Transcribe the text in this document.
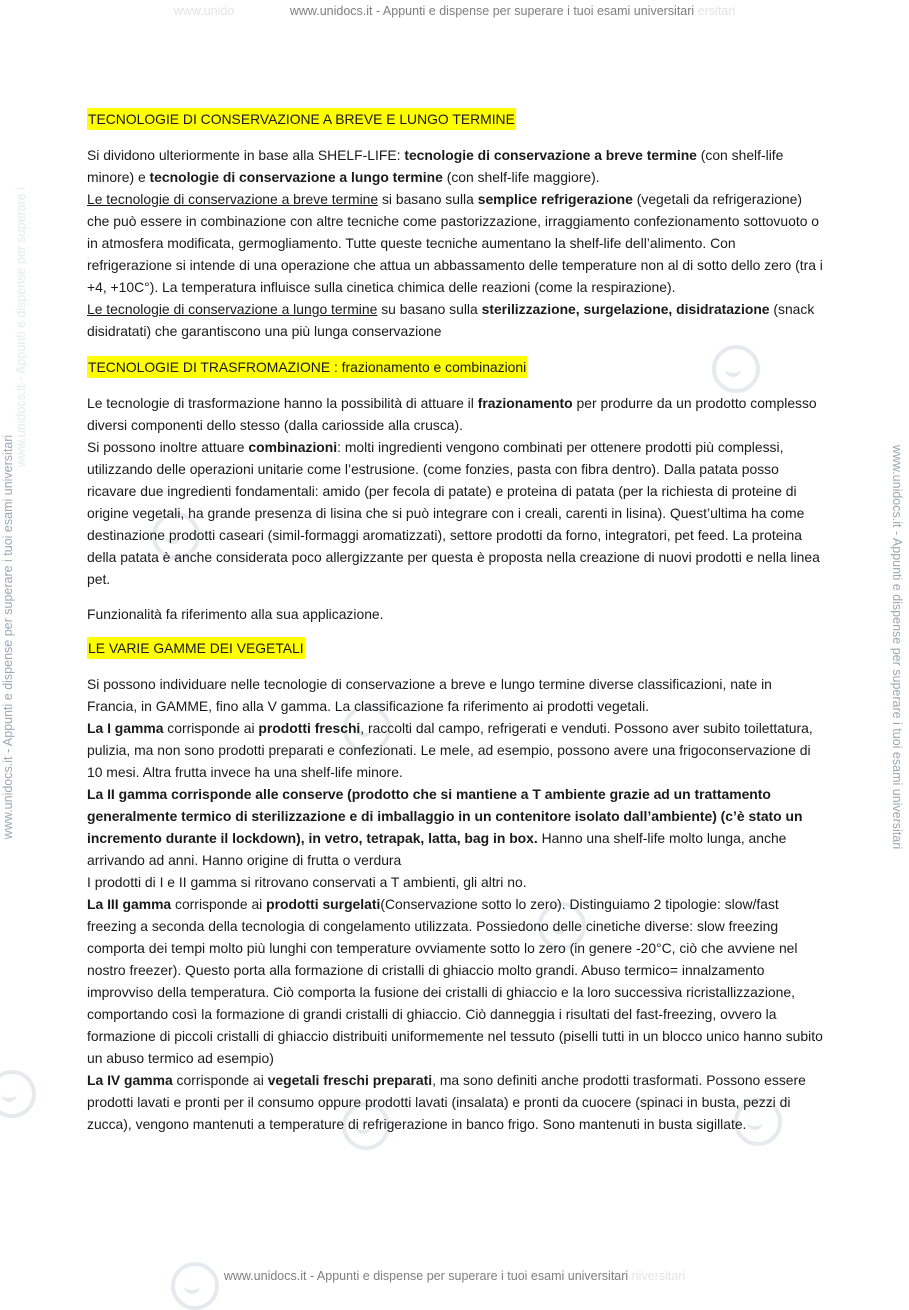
www.unido	www.unidocs.it - Appunti e dispense per superare i tuoi esami universitari ersitari
www.unidocs.it - Appunti e dispense per superare i
www.unidocs.it - Appunti e dispense per superare i tuoi esami universitari	www.unidocs.it - Appunti e dispense per superare i tuoi esami universitari
TECNOLOGIE DI CONSERVAZIONE A BREVE E LUNGO TERMINE

Si dividono ulteriormente in base alla SHELF-LIFE: tecnologie di conservazione a breve termine (con shelf-life minore) e tecnologie di conservazione a lungo termine (con shelf-life maggiore).

Le tecnologie di conservazione a breve termine si basano sulla semplice refrigerazione (vegetali da refrigerazione) che può essere in combinazione con altre tecniche come pastorizzazione, irraggiamento confezionamento sottovuoto o in atmosfera modificata, germogliamento. Tutte queste tecniche aumentano la shelf-life dell’alimento. Con refrigerazione si intende di una operazione che attua un abbassamento delle temperature non al di sotto dello zero (tra i +4, +10C°). La temperatura influisce sulla cinetica chimica delle reazioni (come la respirazione).

Le tecnologie di conservazione a lungo termine su basano sulla sterilizzazione, surgelazione, disidratazione (snack disidratati) che garantiscono una più lunga conservazione

TECNOLOGIE DI TRASFROMAZIONE : frazionamento e combinazioni

Le tecnologie di trasformazione hanno la possibilità di attuare il frazionamento per produrre da un prodotto complesso diversi componenti dello stesso (dalla cariosside alla crusca).

Si possono inoltre attuare combinazioni: molti ingredienti vengono combinati per ottenere prodotti più complessi, utilizzando delle operazioni unitarie come l’estrusione. (come fonzies, pasta con fibra dentro). Dalla patata posso ricavare due ingredienti fondamentali: amido (per fecola di patate) e proteina di patata (per la richiesta di proteine di origine vegetali, ha grande presenza di lisina che si può integrare con i creali, carenti in lisina). Quest’ultima ha come destinazione prodotti caseari (simil-formaggi aromatizzati), settore prodotti da forno, integratori, pet feed. La proteina della patata è anche considerata poco allergizzante per questa è proposta nella creazione di nuovi prodotti e nella linea pet.

Funzionalità fa riferimento alla sua applicazione.

LE VARIE GAMME DEI VEGETALI

Si possono individuare nelle tecnologie di conservazione a breve e lungo termine diverse classificazioni, nate in Francia, in GAMME, fino alla V gamma. La classificazione fa riferimento ai prodotti vegetali.

La I gamma corrisponde ai prodotti freschi, raccolti dal campo, refrigerati e venduti. Possono aver subito toilettatura, pulizia, ma non sono prodotti preparati e confezionati. Le mele, ad esempio, possono avere una frigoconservazione di 10 mesi. Altra frutta invece ha una shelf-life minore.

La II gamma corrisponde alle conserve (prodotto che si mantiene a T ambiente grazie ad un trattamento generalmente termico di sterilizzazione e di imballaggio in un contenitore isolato dall’ambiente) (c’è stato un incremento durante il lockdown), in vetro, tetrapak, latta, bag in box. Hanno una shelf-life molto lunga, anche arrivando ad anni. Hanno origine di frutta o verdura

I prodotti di I e II gamma si ritrovano conservati a T ambienti, gli altri no.

La III gamma corrisponde ai prodotti surgelati(Conservazione sotto lo zero). Distinguiamo 2 tipologie: slow/fast freezing a seconda della tecnologia di congelamento utilizzata. Possiedono delle cinetiche diverse: slow freezing comporta dei tempi molto più lunghi con temperature ovviamente sotto lo zero (in genere -20°C, ciò che avviene nel nostro freezer). Questo porta alla formazione di cristalli di ghiaccio molto grandi. Abuso termico= innalzamento improvviso della temperatura. Ciò comporta la fusione dei cristalli di ghiaccio e la loro successiva ricristallizzazione, comportando così la formazione di grandi cristalli di ghiaccio. Ciò danneggia i risultati del fast-freezing, ovvero la formazione di piccoli cristalli di ghiaccio distribuiti uniformemente nel tessuto (piselli tutti in un blocco unico hanno subito un abuso termico ad esempio)

La IV gamma corrisponde ai vegetali freschi preparati, ma sono definiti anche prodotti trasformati. Possono essere prodotti lavati e pronti per il consumo oppure prodotti lavati (insalata) e pronti da cuocere (spinaci in busta, pezzi di zucca), vengono mantenuti a temperature di refrigerazione in banco frigo. Sono mantenuti in busta sigillate.

www.unidocs.it - Appunti e dispense per superare i tuoi esami universitari niversitari
